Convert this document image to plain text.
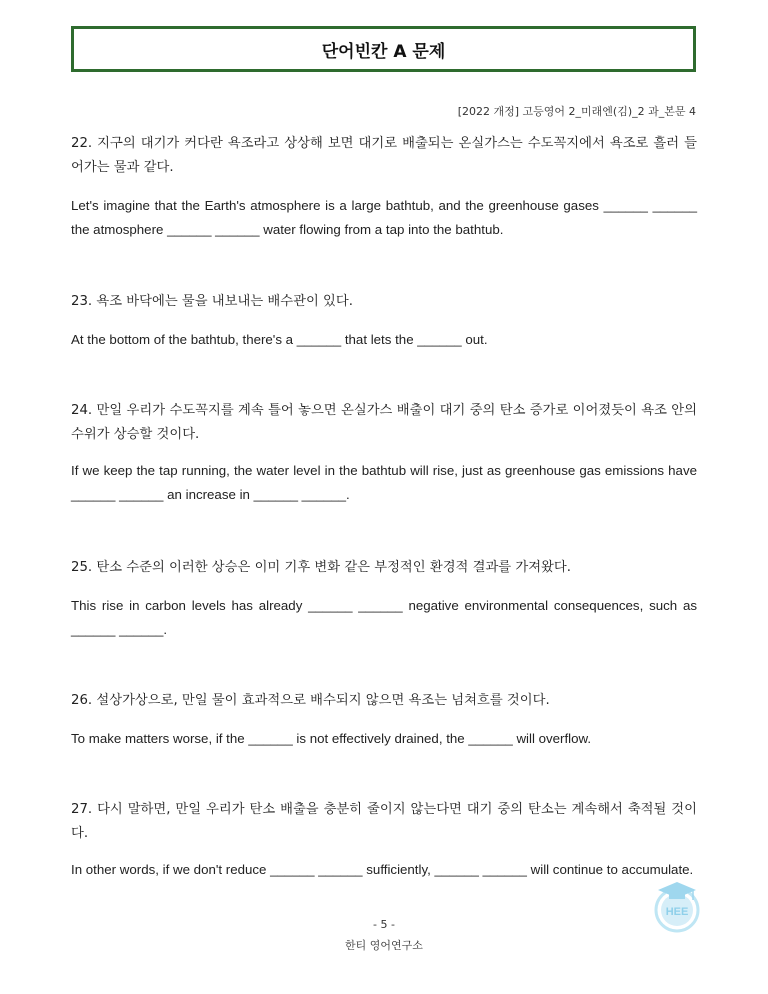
단어빈칸 A 문제
[2022 개정] 고등영어 2_미래엔(김)_2 과_본문 4

22. 지구의 대기가 커다란 욕조라고 상상해 보면 대기로 배출되는 온실가스는 수도꼭지에서 욕조로 흘러 들어가는 물과 같다.

Let's imagine that the Earth's atmosphere is a large bathtub, and the greenhouse gases ______ ______ the atmosphere ______ ______ water flowing from a tap into the bathtub.

23. 욕조 바닥에는 물을 내보내는 배수관이 있다.

At the bottom of the bathtub, there's a ______ that lets the ______ out.

24. 만일 우리가 수도꼭지를 계속 틀어 놓으면 온실가스 배출이 대기 중의 탄소 증가로 이어졌듯이 욕조 안의 수위가 상승할 것이다.

If we keep the tap running, the water level in the bathtub will rise, just as greenhouse gas emissions have ______ ______ an increase in ______ ______.

25. 탄소 수준의 이러한 상승은 이미 기후 변화 같은 부정적인 환경적 결과를 가져왔다.

This rise in carbon levels has already ______ ______ negative environmental consequences, such as ______ ______.

26. 설상가상으로, 만일 물이 효과적으로 배수되지 않으면 욕조는 넘쳐흐를 것이다.

To make matters worse, if the ______ is not effectively drained, the ______ will overflow.

27. 다시 말하면, 만일 우리가 탄소 배출을 충분히 줄이지 않는다면 대기 중의 탄소는 계속해서 축적될 것이다.

In other words, if we don't reduce ______ ______ sufficiently, ______ ______ will continue to accumulate.

HEE
- 5 -
한티 영어연구소
